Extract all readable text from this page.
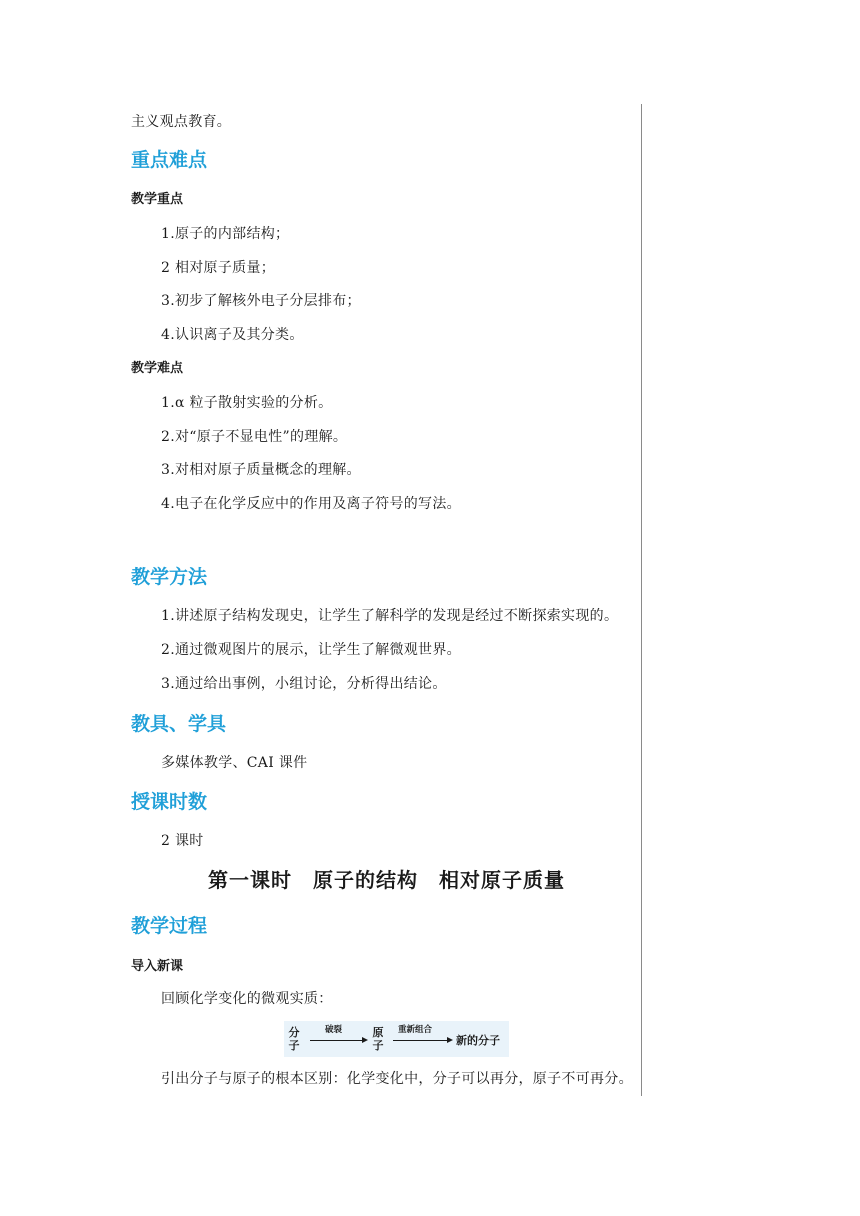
主义观点教育。
重点难点
教学重点
1.原子的内部结构；
2 相对原子质量；
3.初步了解核外电子分层排布；
4.认识离子及其分类。
教学难点
1.α 粒子散射实验的分析。
2.对“原子不显电性”的理解。
3.对相对原子质量概念的理解。
4.电子在化学反应中的作用及离子符号的写法。
教学方法
1.讲述原子结构发现史，让学生了解科学的发现是经过不断探索实现的。
2.通过微观图片的展示，让学生了解微观世界。
3.通过给出事例，小组讨论，分析得出结论。
教具、学具
多媒体教学、CAI 课件
授课时数
2 课时
第一课时　原子的结构　相对原子质量
教学过程
导入新课
回顾化学变化的微观实质：
分子
破裂	原子
重新组合
新的分子
引出分子与原子的根本区别：化学变化中，分子可以再分，原子不可再分。
